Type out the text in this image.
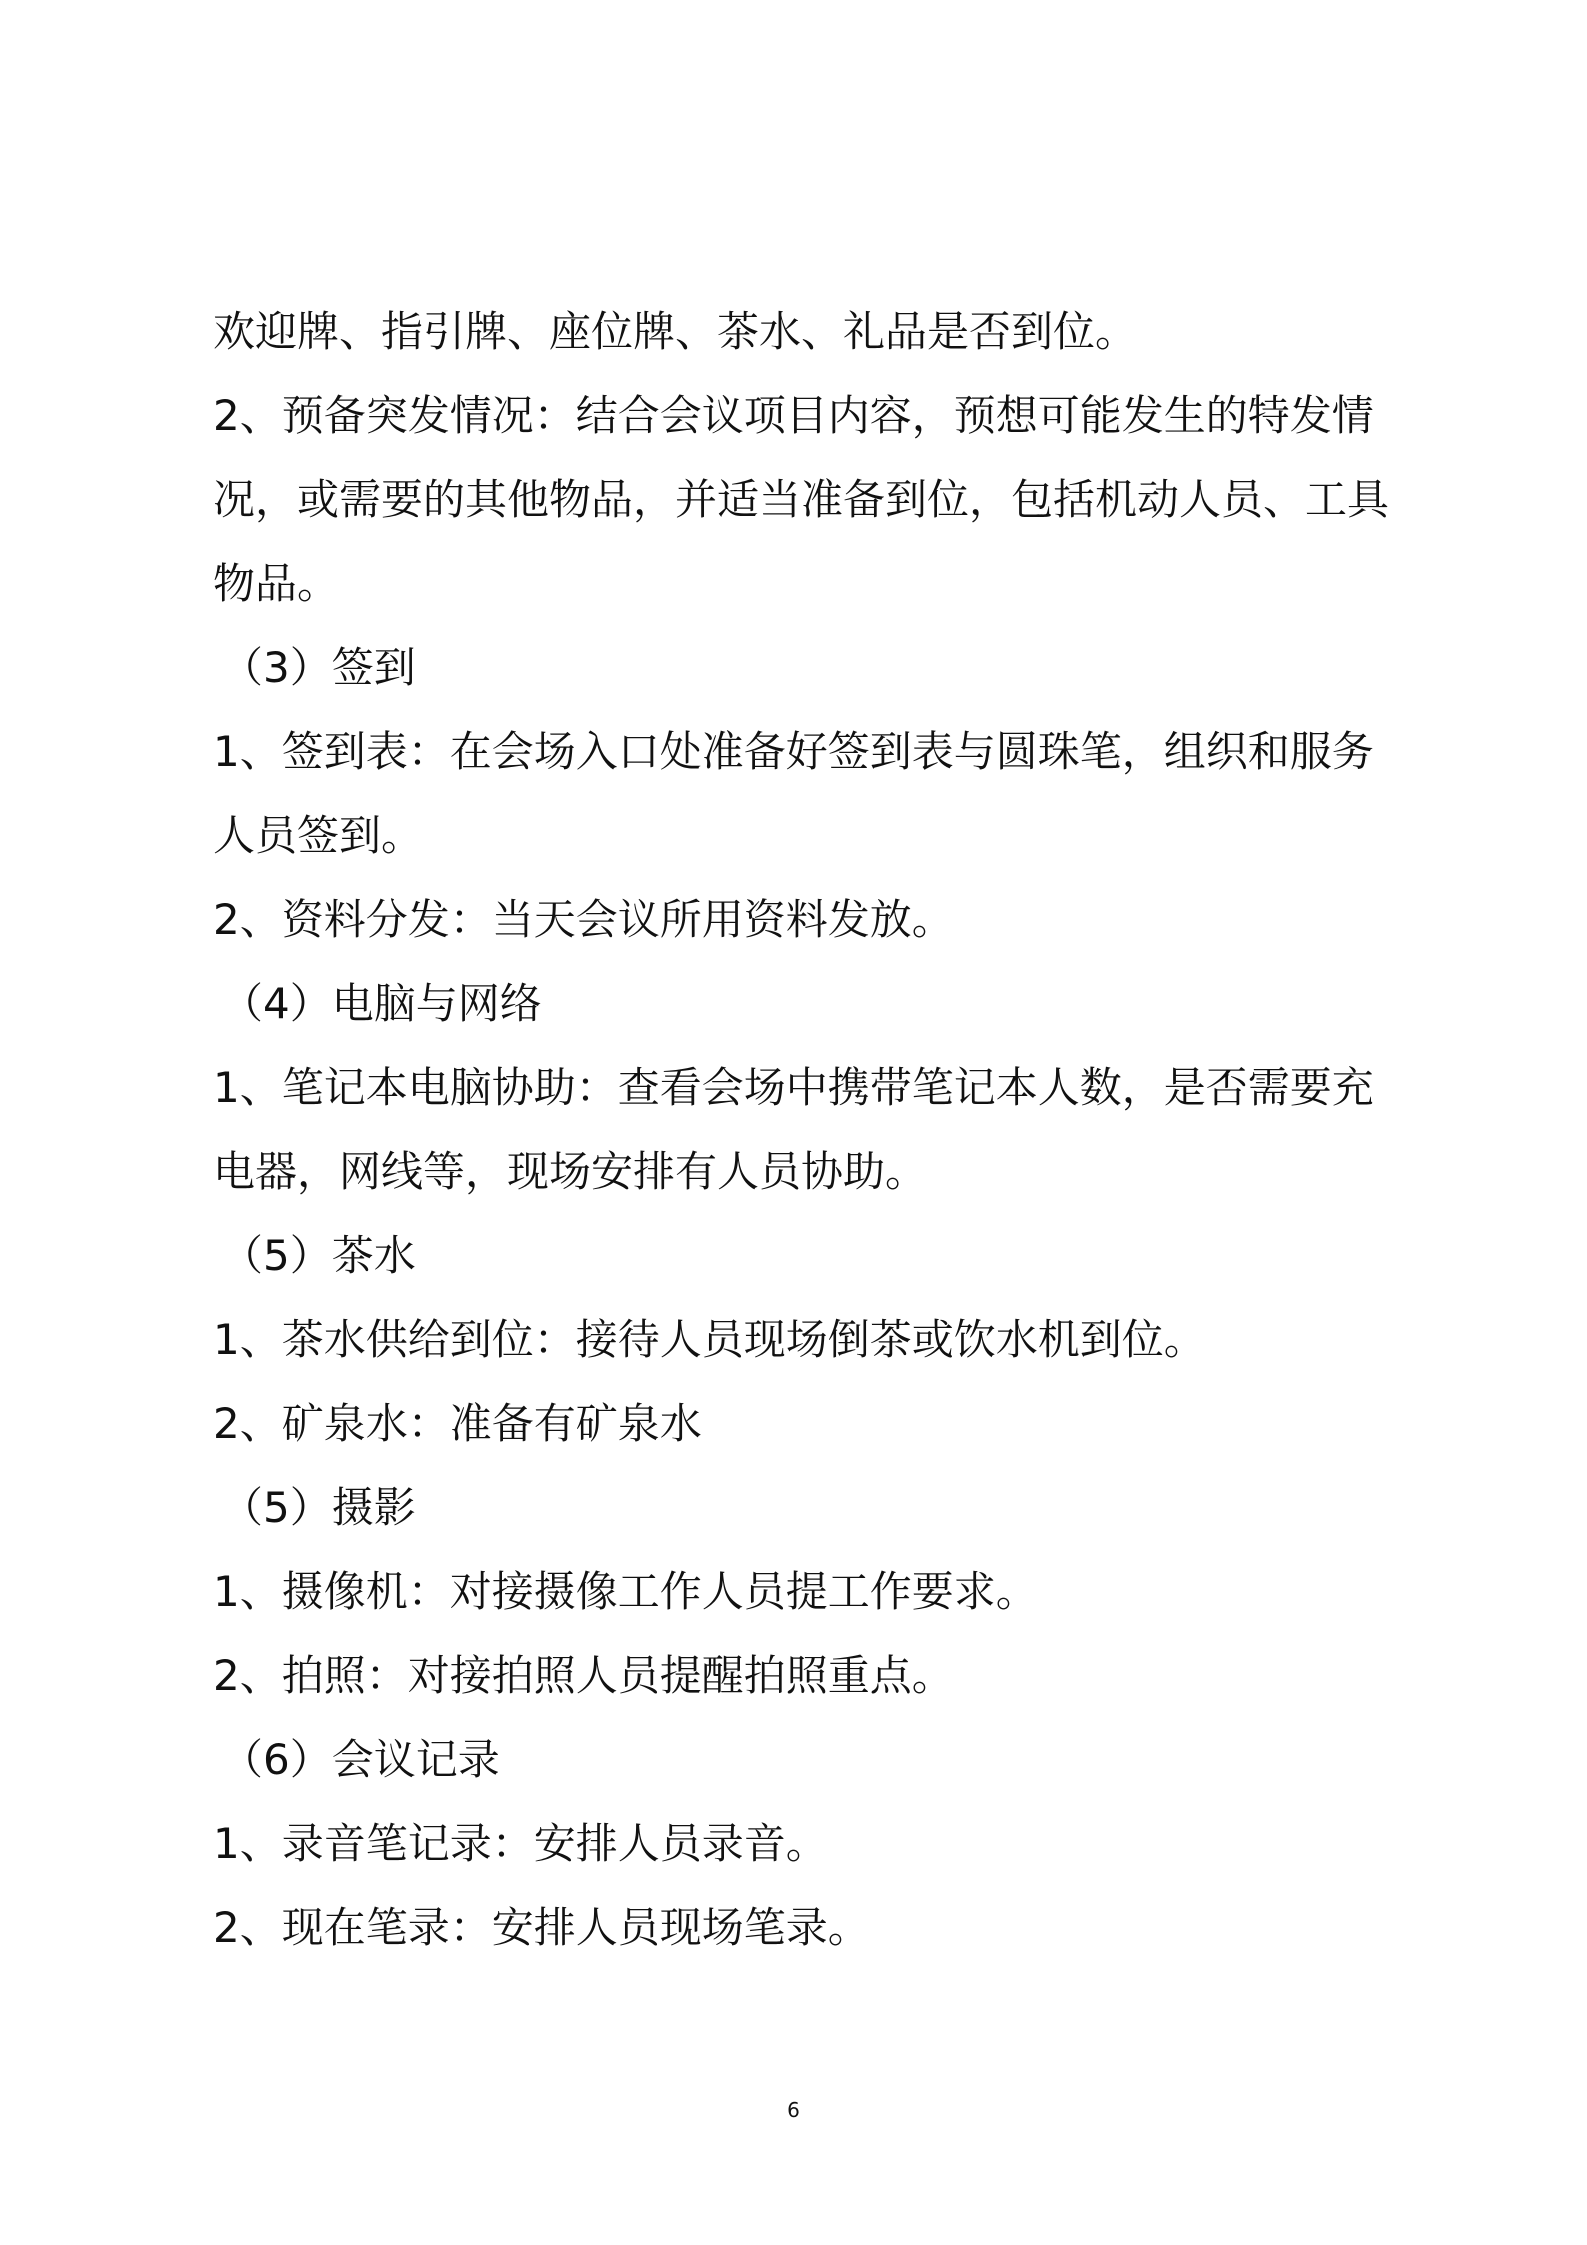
欢迎牌、指引牌、座位牌、茶水、礼品是否到位。

2、预备突发情况：结合会议项目内容，预想可能发生的特发情

况，或需要的其他物品，并适当准备到位，包括机动人员、工具

物品。

（3）签到

1、签到表：在会场入口处准备好签到表与圆珠笔，组织和服务

人员签到。

2、资料分发：当天会议所用资料发放。

（4）电脑与网络

1、笔记本电脑协助：查看会场中携带笔记本人数，是否需要充

电器，网线等，现场安排有人员协助。

（5）茶水

1、茶水供给到位：接待人员现场倒茶或饮水机到位。

2、矿泉水：准备有矿泉水

（5）摄影

1、摄像机：对接摄像工作人员提工作要求。

2、拍照：对接拍照人员提醒拍照重点。

（6）会议记录

1、录音笔记录：安排人员录音。

2、现在笔录：安排人员现场笔录。

6
